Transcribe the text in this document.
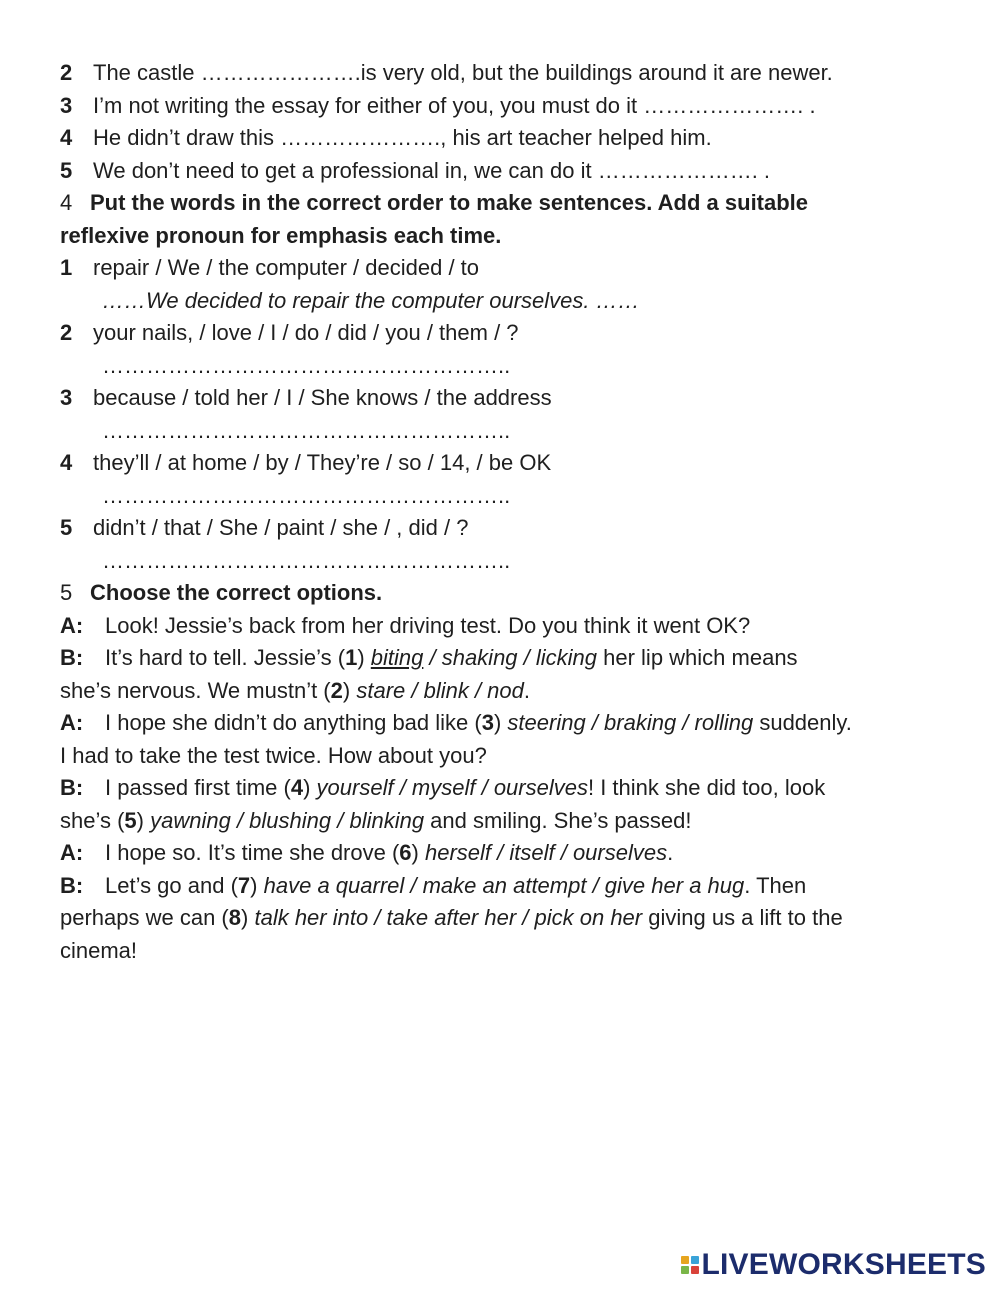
2 The castle ………………….is very old, but the buildings around it are newer.
3 I’m not writing the essay for either of you, you must do it …………………. .
4 He didn’t draw this …………………., his art teacher helped him.
5 We don’t need to get a professional in, we can do it …………………. .
4 Put the words in the correct order to make sentences. Add a suitable
reflexive pronoun for emphasis each time.
1 repair / We / the computer / decided / to
……We decided to repair the computer ourselves. ……
2 your nails, / love / I / do / did / you / them / ?
………………………………………………..
3 because / told her / I / She knows / the address
………………………………………………..
4 they’ll / at home / by / They’re / so / 14, / be OK
………………………………………………..
5 didn’t / that / She / paint / she / , did / ?
………………………………………………..
5 Choose the correct options.
A: Look! Jessie’s back from her driving test. Do you think it went OK?
B: It’s hard to tell. Jessie’s (1) biting / shaking / licking her lip which means
she’s nervous. We mustn’t (2) stare / blink / nod.
A: I hope she didn’t do anything bad like (3) steering / braking / rolling suddenly.
I had to take the test twice. How about you?
B: I passed first time (4) yourself / myself / ourselves! I think she did too, look
she’s (5) yawning / blushing / blinking and smiling. She’s passed!
A: I hope so. It’s time she drove (6) herself / itself / ourselves.
B: Let’s go and (7) have a quarrel / make an attempt / give her a hug. Then
perhaps we can (8) talk her into / take after her / pick on her giving us a lift to the
cinema!
LIVEWORKSHEETS
